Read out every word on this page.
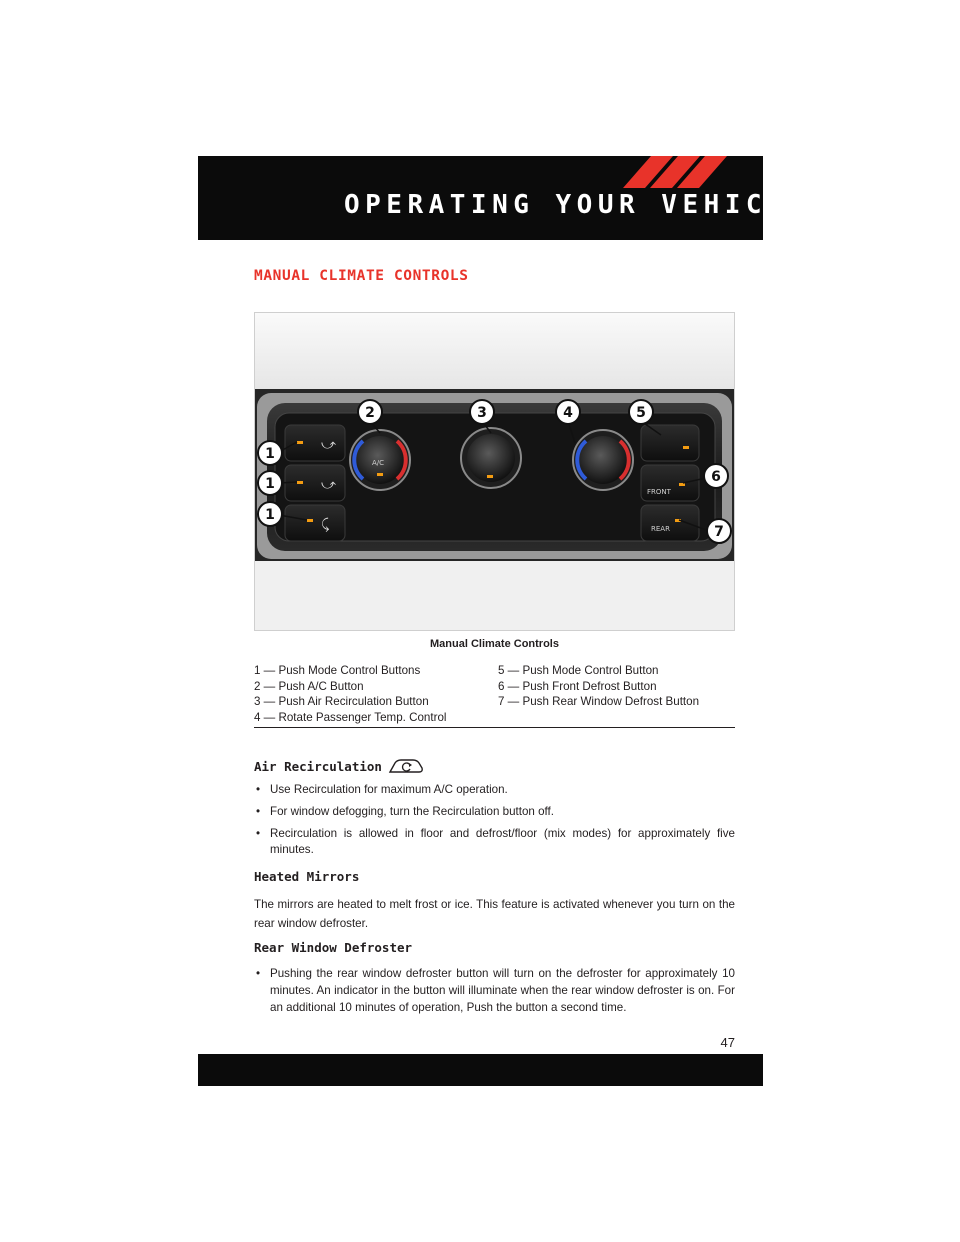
OPERATING YOUR VEHICLE
MANUAL CLIMATE CONTROLS
⤻
⤻
⤹
A/C
FRONT
REAR
1
1
1
2	3	4	5
6
7
Manual Climate Controls
1 — Push Mode Control Buttons
2 — Push A/C Button
3 — Push Air Recirculation Button
4 — Rotate Passenger Temp. Control
5 — Push Mode Control Button
6 — Push Front Defrost Button
7 — Push Rear Window Defrost Button
Air Recirculation
• Use Recirculation for maximum A/C operation.
• For window defogging, turn the Recirculation button off.
• Recirculation is allowed in floor and defrost/floor (mix modes) for approximately five minutes.
Heated Mirrors
The mirrors are heated to melt frost or ice. This feature is activated whenever you turn on the rear window defroster.
Rear Window Defroster
• Pushing the rear window defroster button will turn on the defroster for approximately 10 minutes. An indicator in the button will illuminate when the rear window defroster is on. For an additional 10 minutes of operation, Push the button a second time.
47
